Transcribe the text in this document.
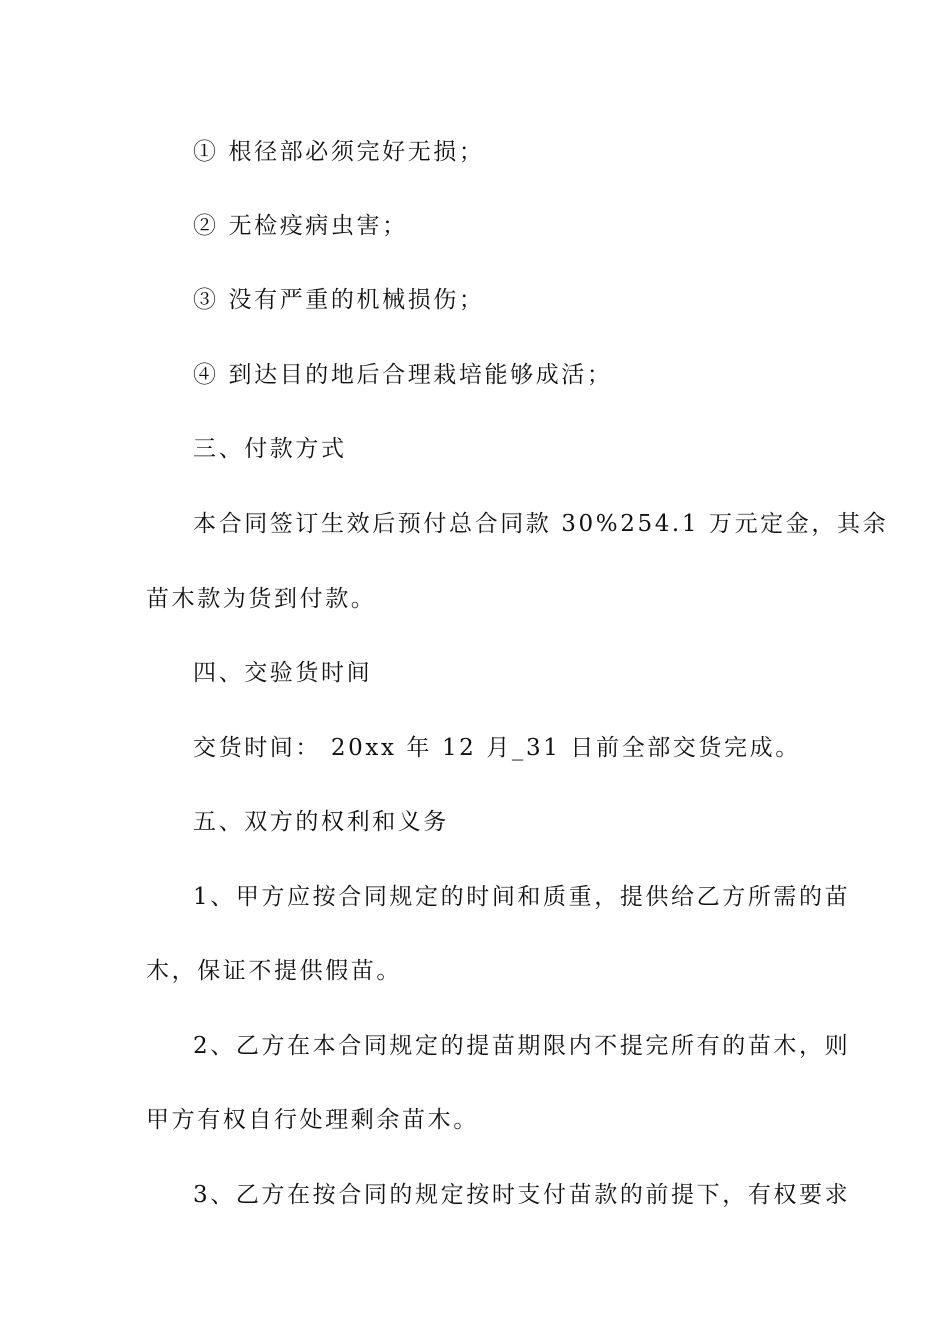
① 根径部必须完好无损；
② 无检疫病虫害；
③ 没有严重的机械损伤；
④ 到达目的地后合理栽培能够成活；
三、付款方式
本合同签订生效后预付总合同款 30%254.1 万元定金，其余
苗木款为货到付款。
四、交验货时间
交货时间： 20xx 年 12 月_31 日前全部交货完成。
五、双方的权利和义务
1、甲方应按合同规定的时间和质重，提供给乙方所需的苗
木，保证不提供假苗。
2、乙方在本合同规定的提苗期限内不提完所有的苗木，则
甲方有权自行处理剩余苗木。
3、乙方在按合同的规定按时支付苗款的前提下，有权要求
